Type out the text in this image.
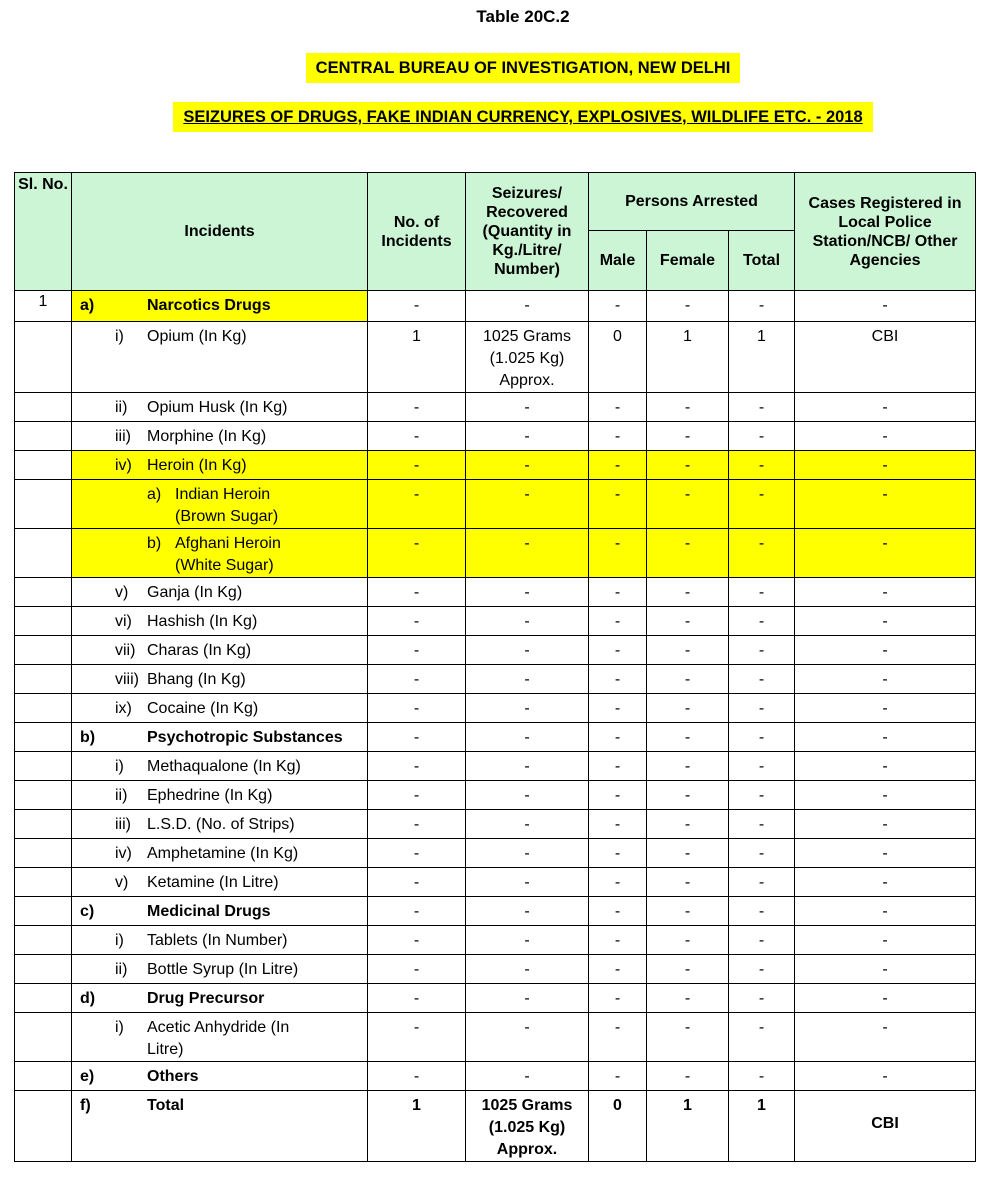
Table 20C.2
CENTRAL BUREAU OF INVESTIGATION, NEW DELHI
SEIZURES OF DRUGS, FAKE INDIAN CURRENCY, EXPLOSIVES, WILDLIFE ETC. - 2018
Sl. No.	Incidents	No. of Incidents	Seizures/ Recovered (Quantity in Kg./Litre/ Number)	Persons Arrested			Cases Registered in Local Police Station/NCB/ Other Agencies
				Male	Female	Total	
1	a) Narcotics Drugs	-	-	-	-	-	-

	i) Opium (In Kg)	1	1025 Grams (1.025 Kg) Approx.	0	1	1	CBI

	ii) Opium Husk (In Kg)	-	-	-	-	-	-

	iii) Morphine (In Kg)	-	-	-	-	-	-

	iv) Heroin (In Kg)	-	-	-	-	-	-

	a) Indian Heroin (Brown Sugar)	-	-	-	-	-	-

	b) Afghani Heroin (White Sugar)	-	-	-	-	-	-

	v) Ganja (In Kg)	-	-	-	-	-	-

	vi) Hashish (In Kg)	-	-	-	-	-	-

	vii) Charas (In Kg)	-	-	-	-	-	-

	viii) Bhang (In Kg)	-	-	-	-	-	-

	ix) Cocaine (In Kg)	-	-	-	-	-	-

	b) Psychotropic Substances	-	-	-	-	-	-

	i) Methaqualone (In Kg)	-	-	-	-	-	-

	ii) Ephedrine (In Kg)	-	-	-	-	-	-

	iii) L.S.D. (No. of Strips)	-	-	-	-	-	-

	iv) Amphetamine (In Kg)	-	-	-	-	-	-

	v) Ketamine (In Litre)	-	-	-	-	-	-

	c) Medicinal Drugs	-	-	-	-	-	-

	i) Tablets (In Number)	-	-	-	-	-	-

	ii) Bottle Syrup (In Litre)	-	-	-	-	-	-

	d) Drug Precursor	-	-	-	-	-	-

	i) Acetic Anhydride (In Litre)	-	-	-	-	-	-

	e) Others	-	-	-	-	-	-

	f) Total	1	1025 Grams (1.025 Kg) Approx.	0	1	1	CBI
